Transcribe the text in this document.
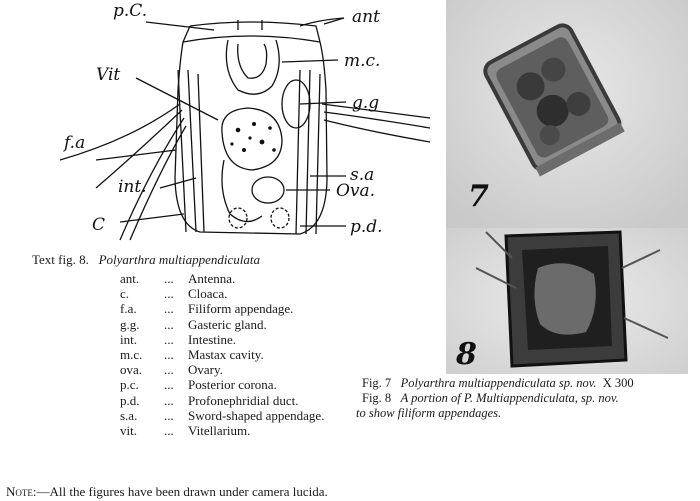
p.C.	ant
Vit
m.c.
g.g
f.a
s.a
int.	Ova.
C	p.d.
Text fig. 8. Polyarthra multiappendiculata
ant.	...	Antenna.
c.	...	Cloaca.
f.a.	...	Filiform appendage.
g.g.	...	Gasteric gland.
int.	...	Intestine.
m.c.	...	Mastax cavity.
ova.	...	Ovary.
p.c.	...	Posterior corona.
p.d.	...	Profonephridial duct.
s.a.	...	Sword-shaped appendage.
vit.	...	Vitellarium.
Note:—All the figures have been drawn under camera lucida.
7
8
Fig. 7 Polyarthra multiappendiculata sp. nov. X 300
Fig. 8 A portion of P. Multiappendiculata, sp. nov.
to show filiform appendages.
